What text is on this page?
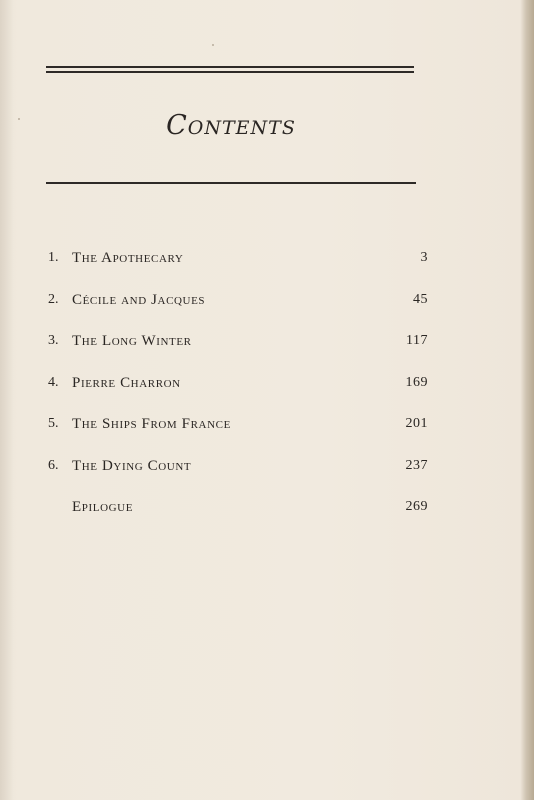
Contents
1. The Apothecary	3
2. Cécile and Jacques	45
3. The Long Winter	117
4. Pierre Charron	169
5. The Ships From France	201
6. The Dying Count	237
Epilogue	269
